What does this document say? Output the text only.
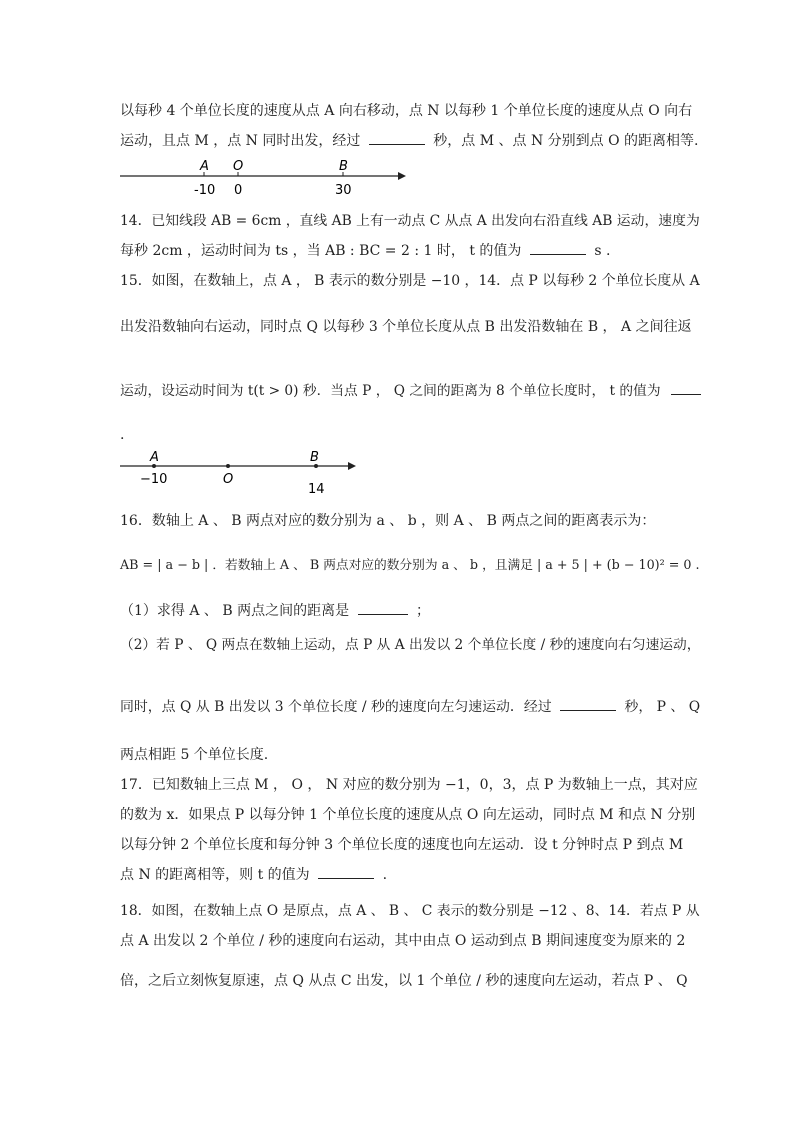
以每秒 4 个单位长度的速度从点 A 向右移动，点 N 以每秒 1 个单位长度的速度从点 O 向右
运动，且点 M ，点 N 同时出发，经过	秒，点 M 、点 N 分别到点 O 的距离相等.
A O	B
-10 0	30
14．已知线段 AB = 6cm ，直线 AB 上有一动点 C 从点 A 出发向右沿直线 AB 运动，速度为
每秒 2cm ，运动时间为 ts ，当 AB : BC = 2 : 1 时， t 的值为	s .
15．如图，在数轴上，点 A ， B 表示的数分别是 −10 ，14．点 P 以每秒 2 个单位长度从 A
出发沿数轴向右运动，同时点 Q 以每秒 3 个单位长度从点 B 出发沿数轴在 B ， A 之间往返
运动，设运动时间为 t(t > 0) 秒．当点 P ， Q 之间的距离为 8 个单位长度时， t 的值为
.
A	B
O
−10
14
16．数轴上 A 、 B 两点对应的数分别为 a 、 b ，则 A 、 B 两点之间的距离表示为：
AB = | a − b | ．若数轴上 A 、 B 两点对应的数分别为 a 、 b ，且满足 | a + 5 | + (b − 10)² = 0 .
（1）求得 A 、 B 两点之间的距离是	；
（2）若 P 、 Q 两点在数轴上运动，点 P 从 A 出发以 2 个单位长度 / 秒的速度向右匀速运动，
同时，点 Q 从 B 出发以 3 个单位长度 / 秒的速度向左匀速运动．经过	秒， P 、 Q
两点相距 5 个单位长度.
17．已知数轴上三点 M ， O ， N 对应的数分别为 −1，0，3，点 P 为数轴上一点，其对应
的数为 x．如果点 P 以每分钟 1 个单位长度的速度从点 O 向左运动，同时点 M 和点 N 分别
以每分钟 2 个单位长度和每分钟 3 个单位长度的速度也向左运动．设 t 分钟时点 P 到点 M
点 N 的距离相等，则 t 的值为	.
18．如图，在数轴上点 O 是原点，点 A 、 B 、 C 表示的数分别是 −12 、8、14．若点 P 从
点 A 出发以 2 个单位 / 秒的速度向右运动，其中由点 O 运动到点 B 期间速度变为原来的 2
倍，之后立刻恢复原速，点 Q 从点 C 出发，以 1 个单位 / 秒的速度向左运动，若点 P 、 Q
